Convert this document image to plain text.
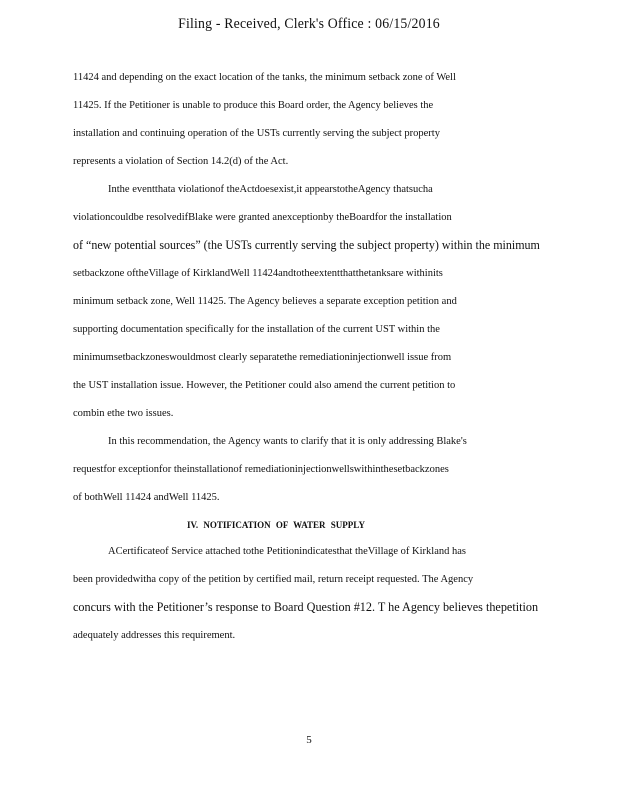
Filing - Received, Clerk's Office : 06/15/2016
11424 and depending on the exact location of the tanks, the minimum setback zone of Well
11425. If the Petitioner is unable to produce this Board order, the Agency believes the
installation and continuing operation of the USTs currently serving the subject property
represents a violation of Section 14.2(d) of the Act.
Inthe eventthata violationof theActdoesexist,it appearstotheAgency thatsucha
violationcouldbe resolvedifBlake were granted anexceptionby theBoardfor the installation
of “new potential sources” (the USTs currently serving the subject property) within the minimum
setbackzone oftheVillage of KirklandWell 11424andtotheextentthatthetanksare withinits
minimum setback zone, Well 11425. The Agency believes a separate exception petition and
supporting documentation specifically for the installation of the current UST within the
minimumsetbackzoneswouldmost clearly separatethe remediationinjectionwell issue from
the UST installation issue. However, the Petitioner could also amend the current petition to
combin ethe two issues.
In this recommendation, the Agency wants to clarify that it is only addressing Blake's
requestfor exceptionfor theinstallationof remediationinjectionwellswithinthesetbackzones
of bothWell 11424 andWell 11425.
IV. NOTIFICATION OF WATER SUPPLY
ACertificateof Service attached tothe Petitionindicatesthat theVillage of Kirkland has
been providedwitha copy of the petition by certified mail, return receipt requested. The Agency
concurs with the Petitioner’s response to Board Question #12. T he Agency believes thepetition
adequately addresses this requirement.
5
